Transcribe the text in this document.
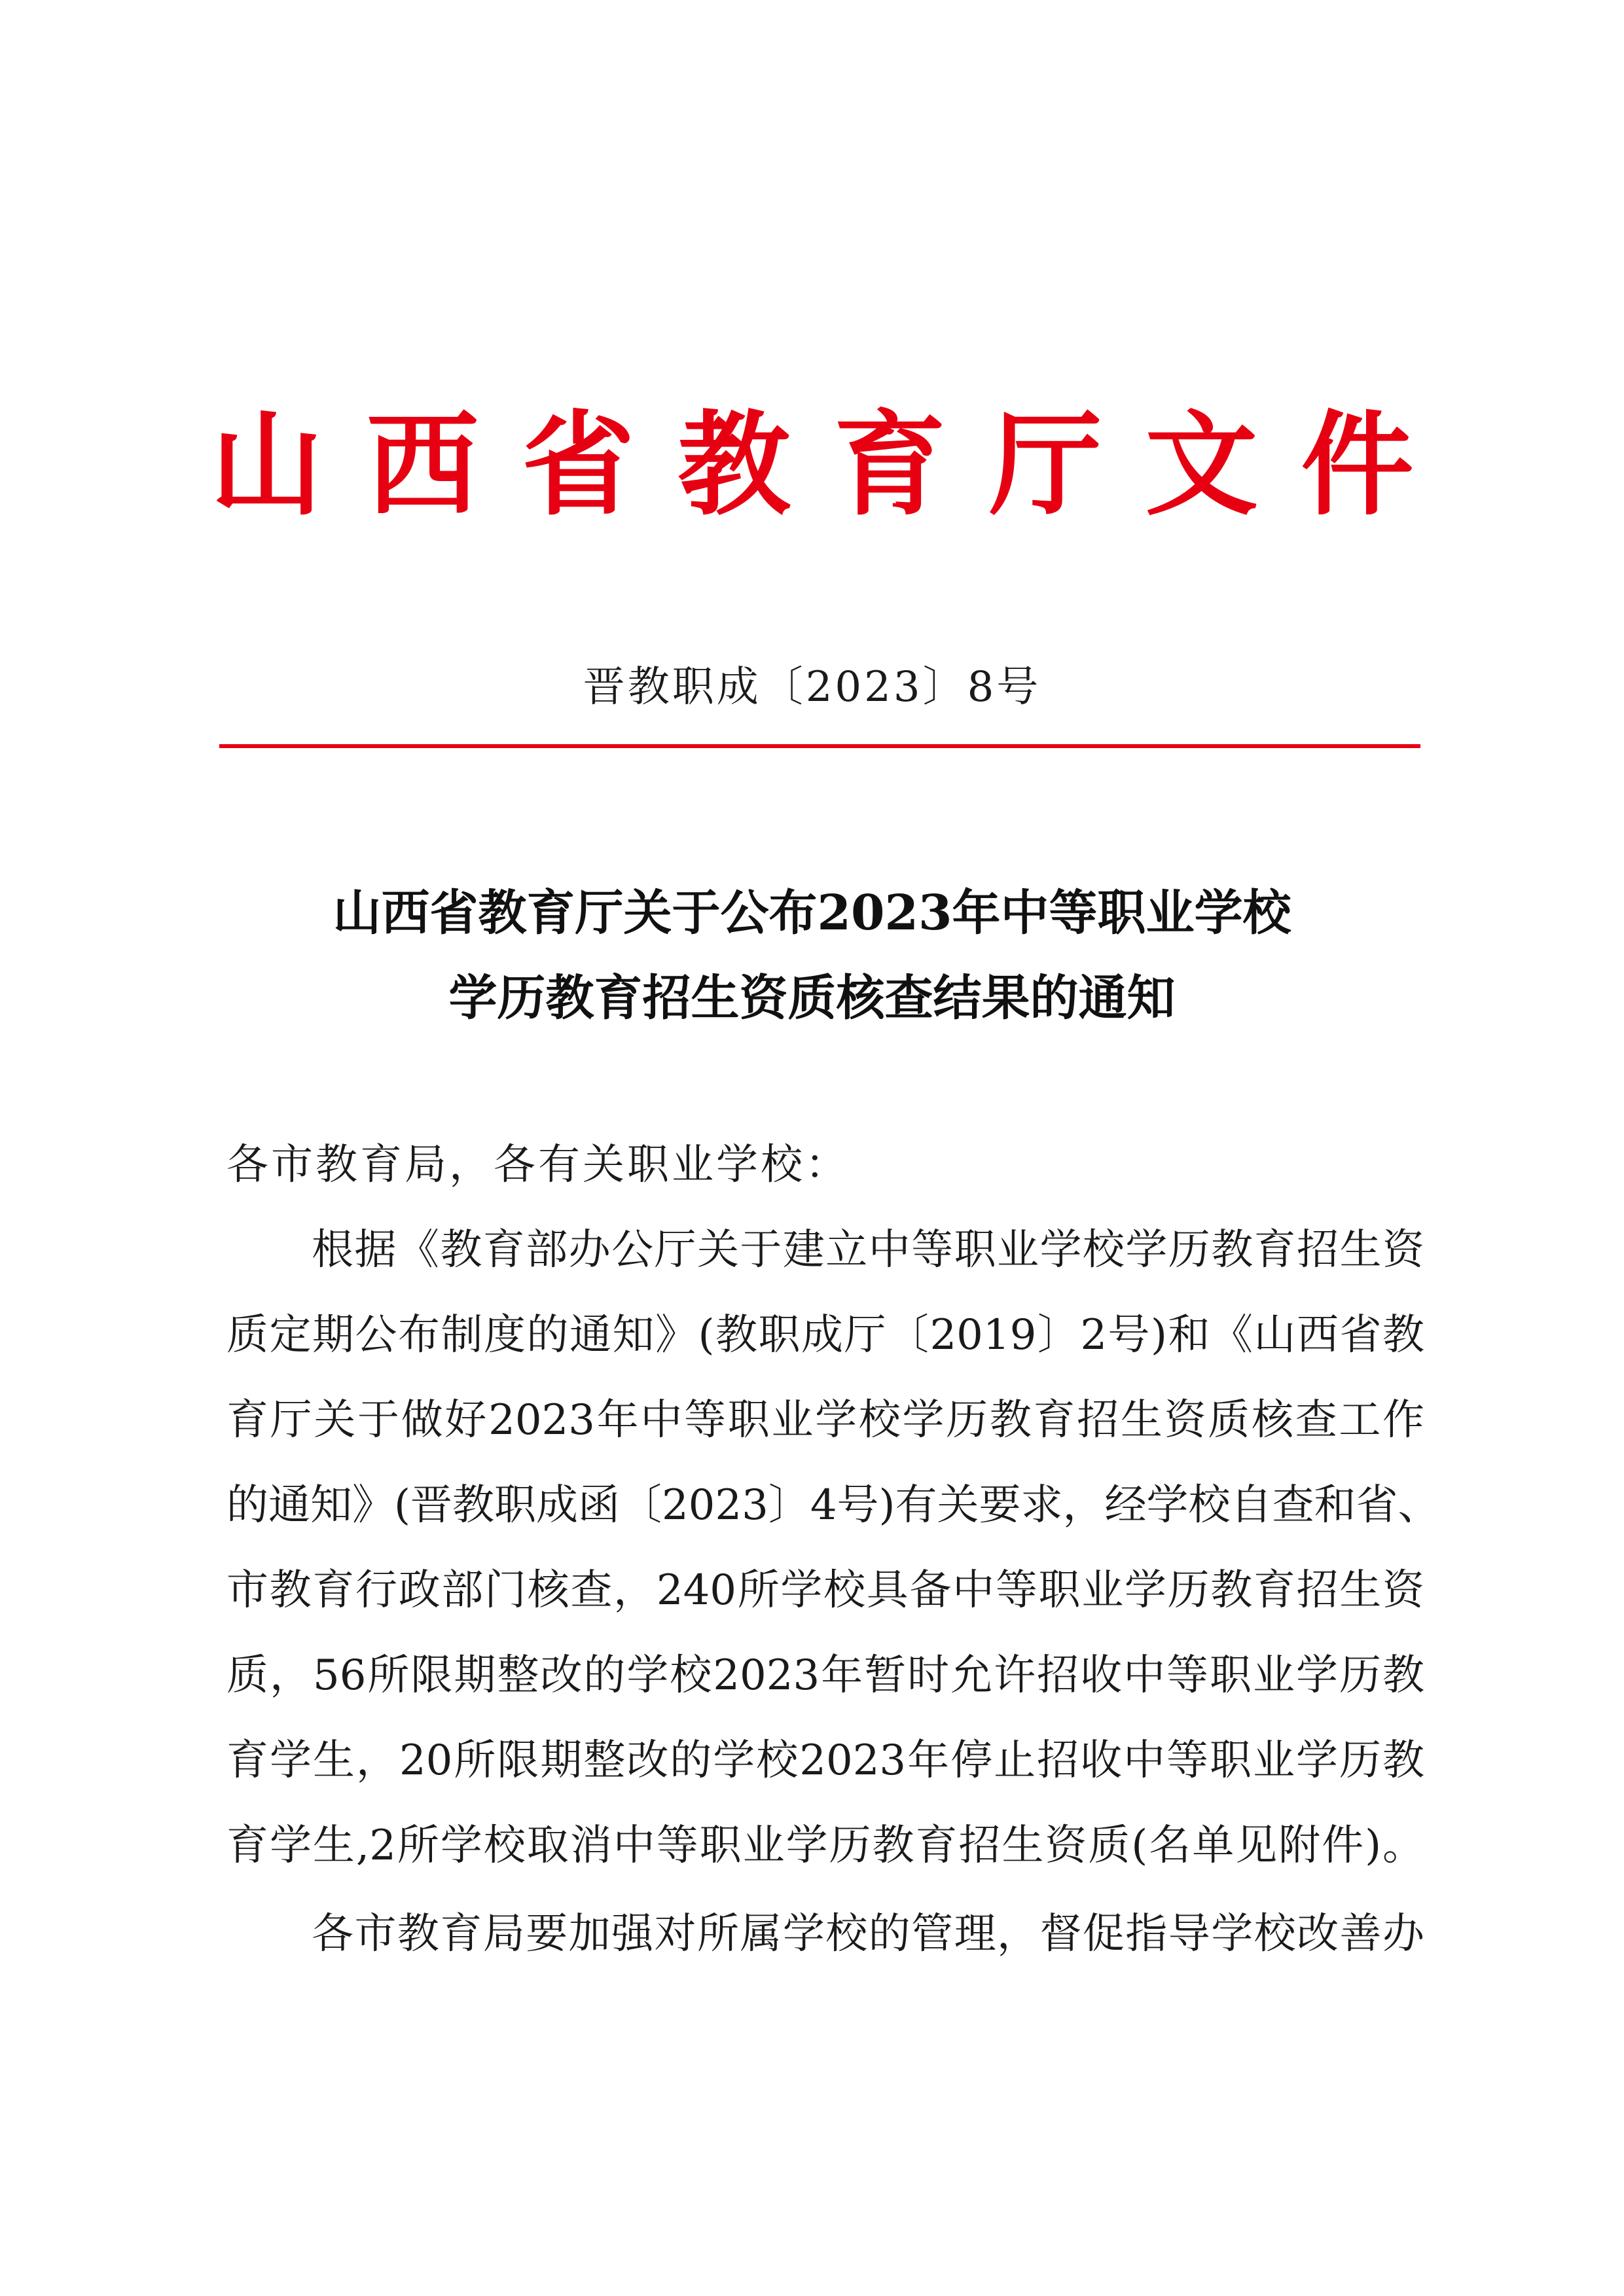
山西省教育厅文件
晋教职成〔2023〕8号
山西省教育厅关于公布2023年中等职业学校
学历教育招生资质核查结果的通知
各市教育局，各有关职业学校：
根据《教育部办公厅关于建立中等职业学校学历教育招生资
质定期公布制度的通知》(教职成厅〔2019〕2号)和《山西省教
育厅关于做好2023年中等职业学校学历教育招生资质核查工作
的通知》(晋教职成函〔2023〕4号)有关要求，经学校自查和省、
市教育行政部门核查，240所学校具备中等职业学历教育招生资
质，56所限期整改的学校2023年暂时允许招收中等职业学历教
育学生，20所限期整改的学校2023年停止招收中等职业学历教
育学生,2所学校取消中等职业学历教育招生资质(名单见附件)。
各市教育局要加强对所属学校的管理，督促指导学校改善办
